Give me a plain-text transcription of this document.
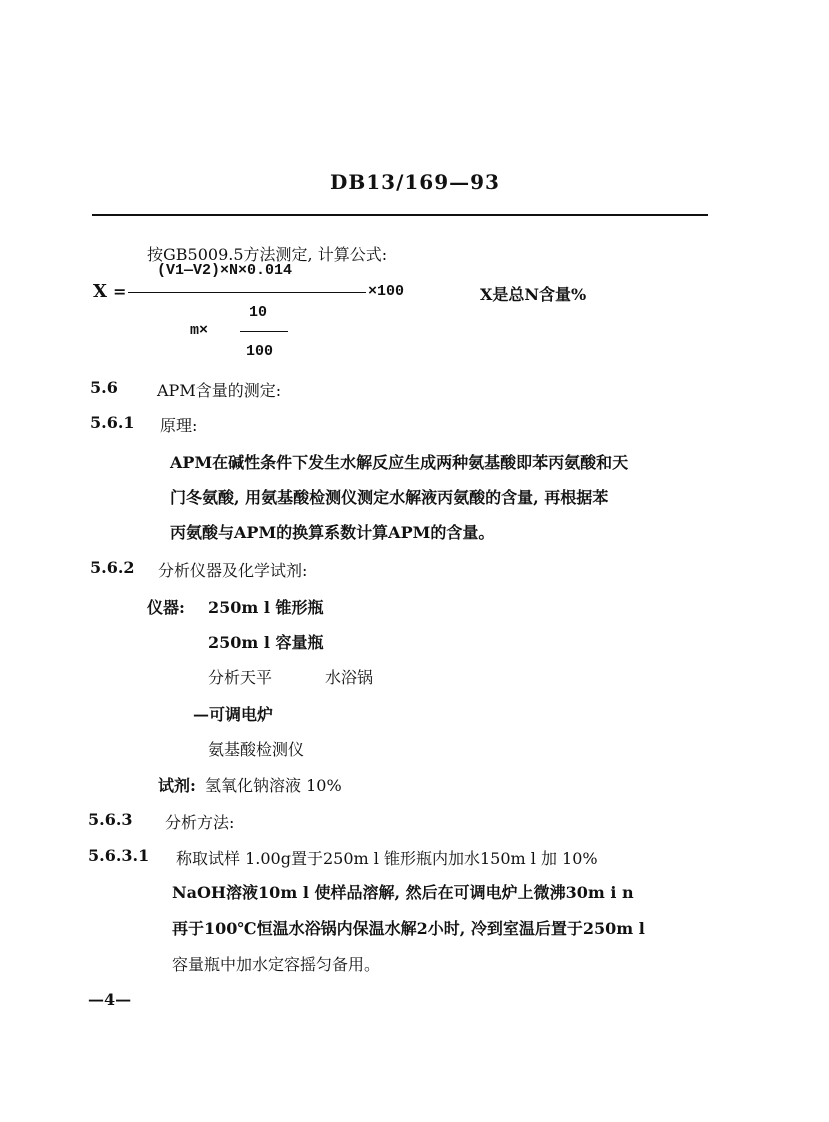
DB13/169—93
按GB5009.5方法测定, 计算公式:
(V1—V2)×N×0.014
X =	×100
10
m×
100
X是总N含量%
5.6 APM含量的测定:
5.6.1 原理:
APM在碱性条件下发生水解反应生成两种氨基酸即苯丙氨酸和天
门冬氨酸, 用氨基酸检测仪测定水解液丙氨酸的含量, 再根据苯
丙氨酸与APM的换算系数计算APM的含量。
5.6.2 分析仪器及化学试剂:
仪器: 250m l 锥形瓶
250m l 容量瓶
分析天平	水浴锅
—可调电炉
氨基酸检测仪
试剂: 氢氧化钠溶液 10%
5.6.3 分析方法:
5.6.3.1 称取试样 1.00g置于250m l 锥形瓶内加水150m l 加 10%
NaOH溶液10m l 使样品溶解, 然后在可调电炉上微沸30m i n
再于100℃恒温水浴锅内保温水解2小时, 冷到室温后置于250m l
容量瓶中加水定容摇匀备用。
—4—
